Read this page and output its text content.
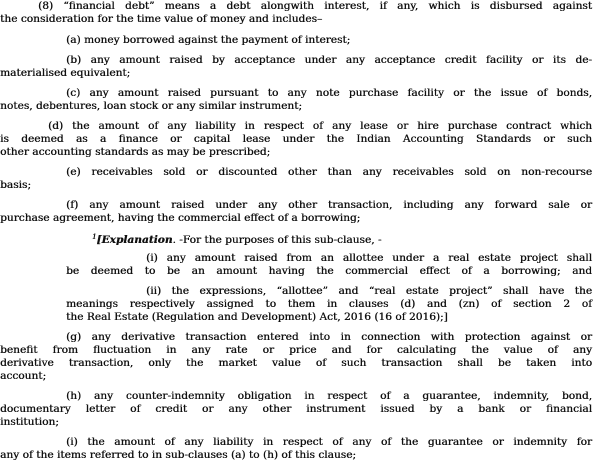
(8) “financial debt” means a debt alongwith interest, if any, which is disbursed against
the consideration for the time value of money and includes–
(a) money borrowed against the payment of interest;
(b) any amount raised by acceptance under any acceptance credit facility or its de-
materialised equivalent;
(c) any amount raised pursuant to any note purchase facility or the issue of bonds,
notes, debentures, loan stock or any similar instrument;
(d) the amount of any liability in respect of any lease or hire purchase contract which
is deemed as a finance or capital lease under the Indian Accounting Standards or such
other accounting standards as may be prescribed;
(e) receivables sold or discounted other than any receivables sold on non-recourse
basis;
(f) any amount raised under any other transaction, including any forward sale or
purchase agreement, having the commercial effect of a borrowing;
$^1$[Explanation. -For the purposes of this sub-clause, -
(i) any amount raised from an allottee under a real estate project shall
be deemed to be an amount having the commercial effect of a borrowing; and
(ii) the expressions, “allottee” and “real estate project” shall have the
meanings respectively assigned to them in clauses (d) and (zn) of section 2 of
the Real Estate (Regulation and Development) Act, 2016 (16 of 2016);]
(g) any derivative transaction entered into in connection with protection against or
benefit from fluctuation in any rate or price and for calculating the value of any
derivative transaction, only the market value of such transaction shall be taken into
account;
(h) any counter-indemnity obligation in respect of a guarantee, indemnity, bond,
documentary letter of credit or any other instrument issued by a bank or financial
institution;
(i) the amount of any liability in respect of any of the guarantee or indemnity for
any of the items referred to in sub-clauses (a) to (h) of this clause;
